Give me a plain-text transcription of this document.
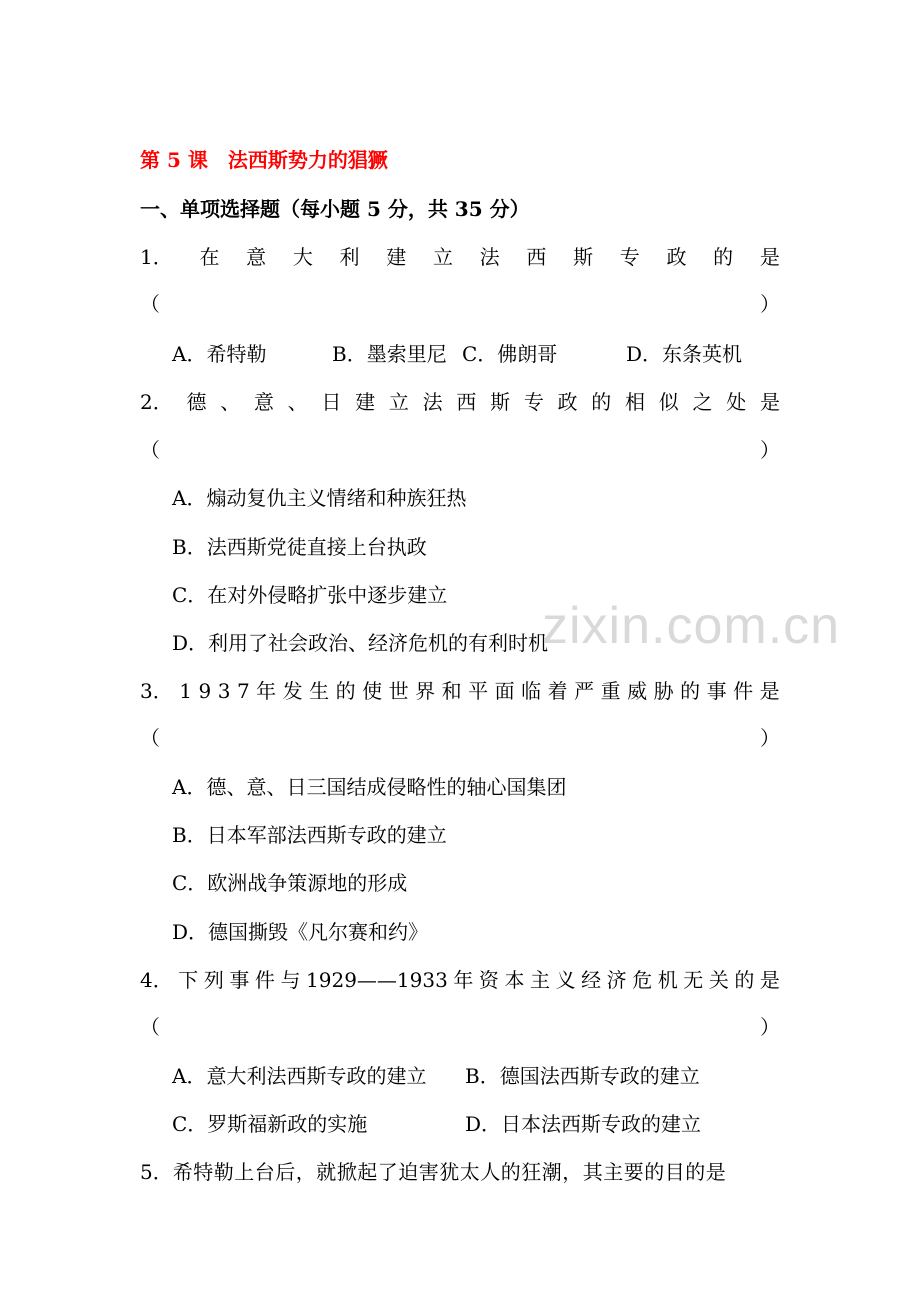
第 5 课　法西斯势力的猖獗
一、单项选择题（每小题 5 分，共 35 分）
1． 在 意 大 利 建 立 法 西 斯 专 政 的 是
（	）
A．希特勒	B．墨索里尼 C．佛朗哥	D．东条英机
2． 德 、 意 、 日 建 立 法 西 斯 专 政 的 相 似 之 处 是
（	）
A．煽动复仇主义情绪和种族狂热
B．法西斯党徒直接上台执政
C．在对外侵略扩张中逐步建立
D．利用了社会政治、经济危机的有利时机
3． 1 9 3 7 年 发 生 的 使 世 界 和 平 面 临 着 严 重 威 胁 的 事 件 是
（	）
A．德、意、日三国结成侵略性的轴心国集团
B．日本军部法西斯专政的建立
C．欧洲战争策源地的形成
D．德国撕毁《凡尔赛和约》
4． 下 列 事 件 与 1929——1933 年 资 本 主 义 经 济 危 机 无 关 的 是
（	）
A．意大利法西斯专政的建立 B．德国法西斯专政的建立
C．罗斯福新政的实施	D．日本法西斯专政的建立
5． 希特勒上台后，就掀起了迫害犹太人的狂潮，其主要的目的是
zixin.com.cn
